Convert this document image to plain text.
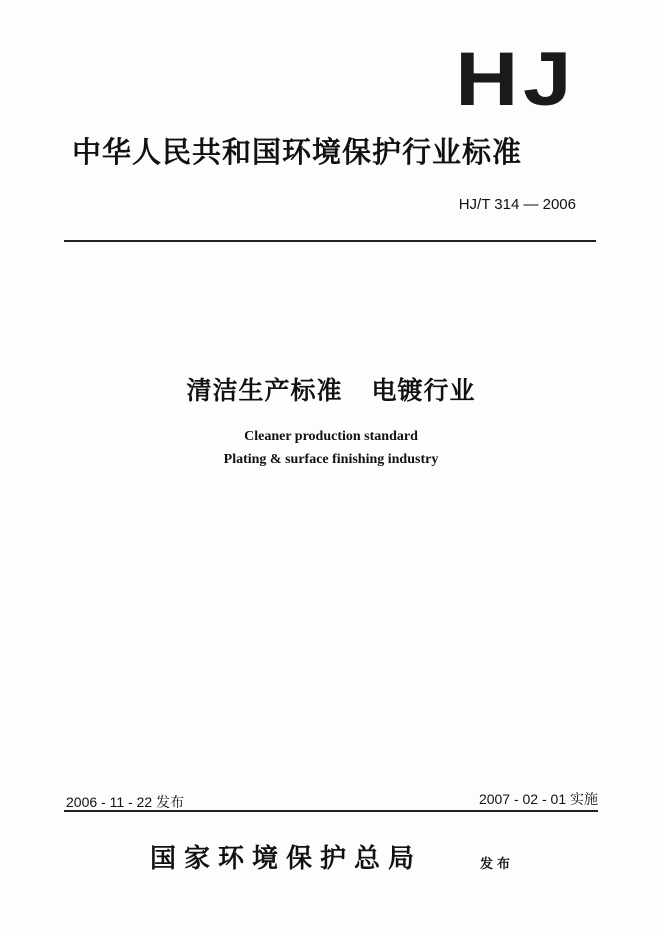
HJ
中华人民共和国环境保护行业标准
HJ/T 314 — 2006
清洁生产标准   电镀行业
Cleaner production standard
Plating & surface finishing industry
2006 - 11 - 22 发布	2007 - 02 - 01 实施
国家环境保护总局	发布
